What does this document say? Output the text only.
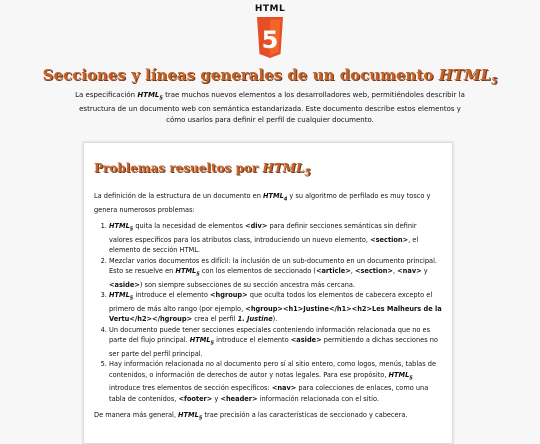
HTML
5
Secciones y líneas generales de un documento $HTML_5$

La especificación $HTML_5$ trae muchos nuevos elementos a los desarrolladores web, permitiéndoles describir la estructura de un documento web con semántica estandarizada. Este documento describe estos elementos y cómo usarlos para definir el perfil de cualquier documento.

Problemas resueltos por $HTML_5$

La definición de la estructura de un documento en $HTML_4$ y su algoritmo de perfilado es muy tosco y genera numerosos problemas:

1. $HTML_5$ quita la necesidad de elementos <div> para definir secciones semánticas sin definir valores específicos para los atributos class, introduciendo un nuevo elemento, <section>, el elemento de sección HTML.
2. Mezclar varios documentos es difícil: la inclusión de un sub-documento en un documento principal. Esto se resuelve en $HTML_5$ con los elementos de seccionado (<article>, <section>, <nav> y <aside>) son siempre subsecciones de su sección ancestra más cercana.
3. $HTML_5$ introduce el elemento <hgroup> que oculta todos los elementos de cabecera excepto el primero de más alto rango (por ejemplo, <hgroup><h1>Justine</h1><h2>Les Malheurs de la Vertu</h2></hgroup> crea el perfil 1. Justine).
4. Un documento puede tener secciones especiales conteniendo información relacionada que no es parte del flujo principal. $HTML_5$ introduce el elemento <aside> permitiendo a dichas secciones no ser parte del perfil principal.
5. Hay información relacionada no al documento pero sí al sitio entero, como logos, menús, tablas de contenidos, o información de derechos de autor y notas legales. Para ese propósito, $HTML_5$ introduce tres elementos de sección específicos: <nav> para colecciones de enlaces, como una tabla de contenidos, <footer> y <header> información relacionada con el sitio.

De manera más general, $HTML_5$ trae precisión a las características de seccionado y cabecera.
